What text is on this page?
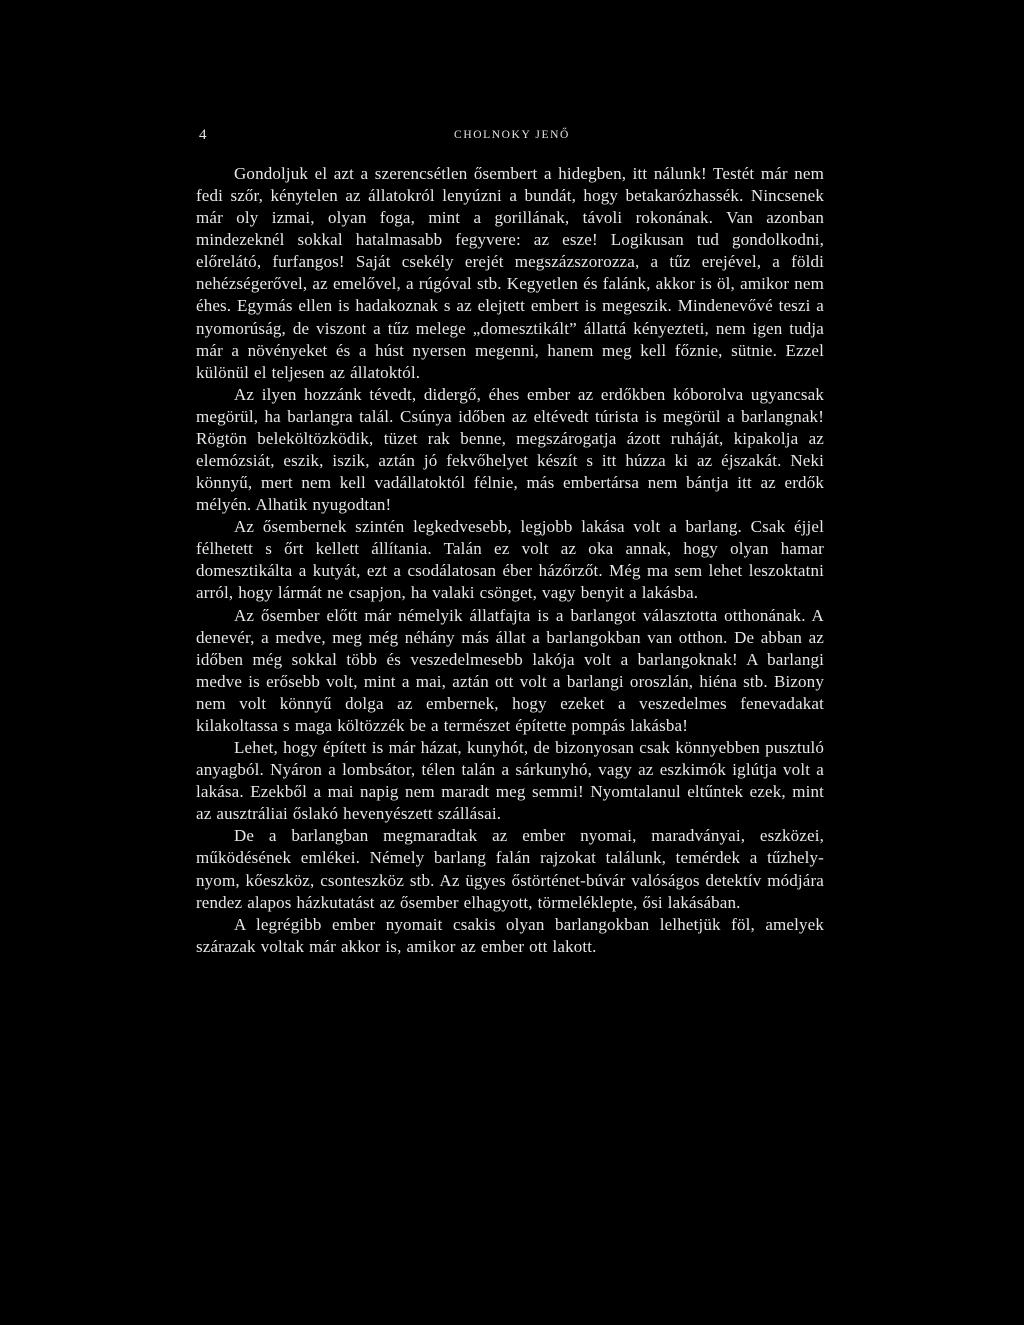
4	CHOLNOKY JENŐ

Gondoljuk el azt a szerencsétlen ősembert a hidegben, itt nálunk! Testét már nem fedi szőr, kénytelen az állatokról lenyúzni a bundát, hogy betakarózhassék. Nincsenek már oly izmai, olyan foga, mint a gorillának, távoli rokonának. Van azonban mindezeknél sokkal hatalmasabb fegyvere: az esze! Logikusan tud gondolkodni, előrelátó, furfangos! Saját csekély erejét megszázszorozza, a tűz erejével, a földi nehézségerővel, az emelővel, a rúgóval stb. Kegyetlen és falánk, akkor is öl, amikor nem éhes. Egymás ellen is hadakoznak s az elejtett embert is megeszik. Mindenevővé teszi a nyomorúság, de viszont a tűz melege „domesztikált” állattá kényezteti, nem igen tudja már a növényeket és a húst nyersen megenni, hanem meg kell főznie, sütnie. Ezzel különül el teljesen az állatoktól.

Az ilyen hozzánk tévedt, didergő, éhes ember az erdőkben kóborolva ugyancsak megörül, ha barlangra talál. Csúnya időben az eltévedt túrista is megörül a barlangnak! Rögtön beleköltözködik, tüzet rak benne, megszárogatja ázott ruháját, kipakolja az elemózsiát, eszik, iszik, aztán jó fekvőhelyet készít s itt húzza ki az éjszakát. Neki könnyű, mert nem kell vadállatoktól félnie, más embertársa nem bántja itt az erdők mélyén. Alhatik nyugodtan!

Az ősembernek szintén legkedvesebb, legjobb lakása volt a barlang. Csak éjjel félhetett s őrt kellett állítania. Talán ez volt az oka annak, hogy olyan hamar domesztikálta a kutyát, ezt a csodálatosan éber házőrzőt. Még ma sem lehet leszoktatni arról, hogy lármát ne csapjon, ha valaki csönget, vagy benyit a lakásba.

Az ősember előtt már némelyik állatfajta is a barlangot választotta otthonának. A denevér, a medve, meg még néhány más állat a barlangokban van otthon. De abban az időben még sokkal több és veszedelmesebb lakója volt a barlangoknak! A barlangi medve is erősebb volt, mint a mai, aztán ott volt a barlangi oroszlán, hiéna stb. Bizony nem volt könnyű dolga az embernek, hogy ezeket a veszedelmes fenevadakat kilakoltassa s maga költözzék be a természet építette pompás lakásba!

Lehet, hogy épített is már házat, kunyhót, de bizonyosan csak könnyebben pusztuló anyagból. Nyáron a lombsátor, télen talán a sárkunyhó, vagy az eszkimók iglútja volt a lakása. Ezekből a mai napig nem maradt meg semmi! Nyomtalanul eltűntek ezek, mint az ausztráliai őslakó hevenyészett szállásai.

De a barlangban megmaradtak az ember nyomai, maradványai, eszközei, működésének emlékei. Némely barlang falán rajzokat találunk, temérdek a tűzhely-nyom, kőeszköz, csonteszköz stb. Az ügyes őstörténet-búvár valóságos detektív módjára rendez alapos házkutatást az ősember elhagyott, törmeléklepte, ősi lakásában.

A legrégibb ember nyomait csakis olyan barlangokban lelhetjük föl, amelyek szárazak voltak már akkor is, amikor az ember ott lakott.
